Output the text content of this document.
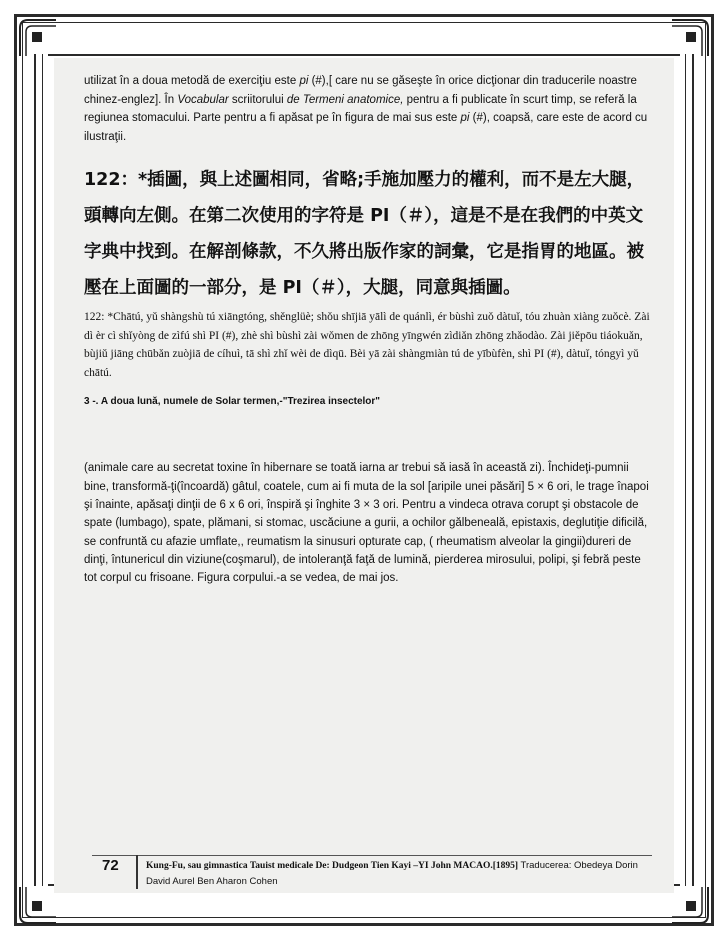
utilizat în a doua metodă de exerciţiu este pi (#),[ care nu se găseşte în orice dicţionar din traducerile noastre chinez-englez]. În Vocabular scriitorului de Termeni anatomice, pentru a fi publicate în scurt timp, se referă la regiunea stomacului. Parte pentru a fi apăsat pe în figura de mai sus este pi (#), coapsă, care este de acord cu ilustraţii.

122：*插圖，與上述圖相同，省略;手施加壓力的權利，而不是左大腿，頭轉向左側。在第二次使用的字符是 PI（＃），這是不是在我們的中英文字典中找到。在解剖條款，不久將出版作家的詞彙，它是指胃的地區。被壓在上面圖的一部分，是 PI（＃），大腿，同意與插圖。

122: *Chātú, yǔ shàngshù tú xiāngtóng, shěnglüè; shǒu shījiā yālì de quánlì, ér bùshì zuǒ dàtuǐ, tóu zhuàn xiàng zuǒcè. Zài dì èr cì shǐyòng de zìfú shì PI (#), zhè shì bùshì zài wǒmen de zhōng yīngwén zìdiǎn zhōng zhǎodào. Zài jiěpōu tiáokuǎn, bùjiǔ jiāng chūbǎn zuòjiā de cíhuì, tā shì zhǐ wèi de dìqū. Bèi yā zài shàngmiàn tú de yībùfèn, shì PI (#), dàtuǐ, tóngyì yǔ chātú.

3 -. A doua lună, numele de Solar termen,-"Trezirea insectelor"

(animale care au secretat toxine în hibernare se toată iarna ar trebui să iasă în această zi). Închideţi-pumnii bine, transformă-ţi(încoardă) gâtul, coatele, cum ai fi muta de la sol [aripile unei păsări] 5 × 6 ori, le trage înapoi şi înainte, apăsaţi dinţii de 6 x 6 ori, înspiră şi înghite 3 × 3 ori. Pentru a vindeca otrava corupt şi obstacole de spate (lumbago), spate, plămani, si stomac, uscăciune a gurii, a ochilor gălbeneală, epistaxis, deglutiţie dificilă, se confruntă cu afazie umflate,, reumatism la sinusuri opturate cap, ( rheumatism alveolar la gingii)dureri de dinţi, întunericul din viziune(coşmarul), de intoleranţă faţă de lumină, pierderea mirosului, polipi, şi febră peste tot corpul cu frisoane. Figura corpului.-a se vedea, de mai jos.

72	Kung-Fu, sau gimnastica Tauist medicale De: Dudgeon Tien Kayi –YI John MACAO.[1895] Traducerea: Obedeya Dorin David Aurel Ben Aharon Cohen
